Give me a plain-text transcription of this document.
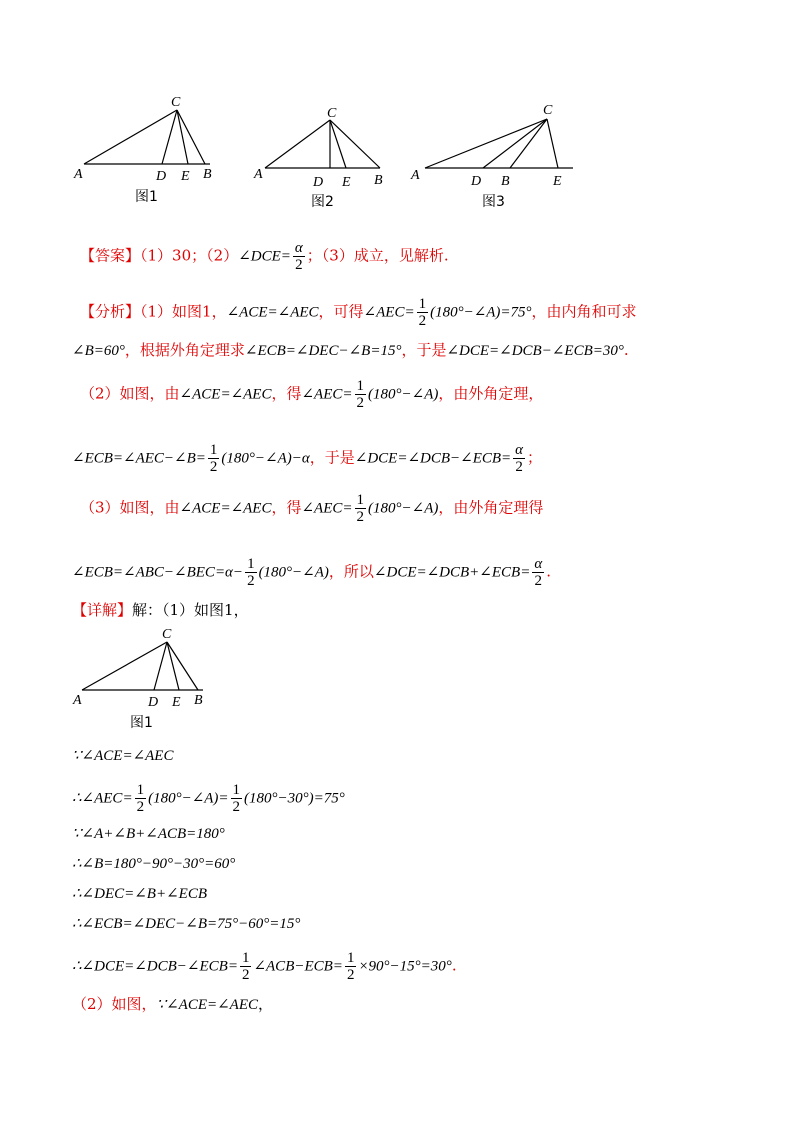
C
A	D E B
图1
C
A
D E B
图2
C
A	D B	E
图3
【答案】（1）30；（2）∠DCE= $\frac{\alpha}{2}$ ；（3）成立，见解析.
【分析】（1）如图1，∠ACE=∠AEC，可得∠AEC= $\frac{1}{2}$ (180°−∠A)=75°，由内角和可求
∠B=60°，根据外角定理求∠ECB=∠DEC−∠B=15°，于是∠DCE=∠DCB−∠ECB=30°.
（2）如图，由∠ACE=∠AEC，得∠AEC= $\frac{1}{2}$ (180°−∠A)，由外角定理，
∠ECB=∠AEC−∠B= $\frac{1}{2}$ (180°−∠A)−α，于是∠DCE=∠DCB−∠ECB= $\frac{\alpha}{2}$ ；
（3）如图，由∠ACE=∠AEC，得∠AEC= $\frac{1}{2}$ (180°−∠A)，由外角定理得
∠ECB=∠ABC−∠BEC=α− $\frac{1}{2}$ (180°−∠A)，所以∠DCE=∠DCB+∠ECB= $\frac{\alpha}{2}$ .
【详解】解：（1）如图1，
C
A	D E B
图1
∵∠ACE=∠AEC
∴∠AEC= $\frac{1}{2}$ (180°−∠A)= $\frac{1}{2} (180^\circ-30^\circ)=75^\circ$
∵∠A+∠B+∠ACB=180°
∴∠B=180°−90°−30°=60°
∴∠DEC=∠B+∠ECB
∴∠ECB=∠DEC−∠B=75°−60°=15°
∴∠DCE=∠DCB−∠ECB= $\frac{1}{2}$ ∠ACB−ECB= $\frac{1}{2} \times 90^\circ-15^\circ=30^\circ$.
（2）如图，∵∠ACE=∠AEC，
